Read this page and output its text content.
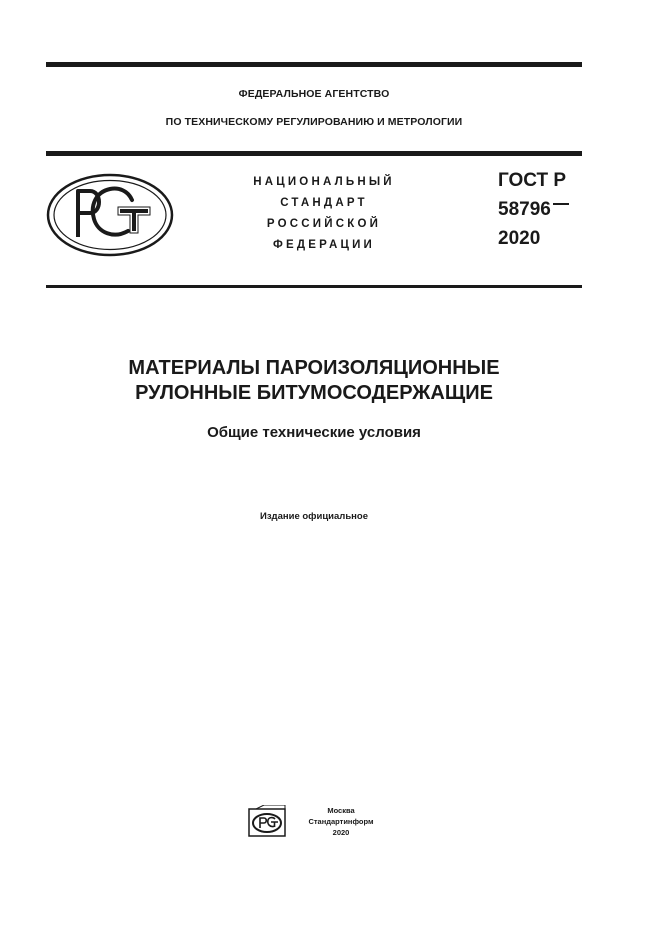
ФЕДЕРАЛЬНОЕ АГЕНТСТВО
ПО ТЕХНИЧЕСКОМУ РЕГУЛИРОВАНИЮ И МЕТРОЛОГИИ
НАЦИОНАЛЬНЫЙ
СТАНДАРТ
РОССИЙСКОЙ
ФЕДЕРАЦИИ
ГОСТ Р
58796
2020
МАТЕРИАЛЫ ПАРОИЗОЛЯЦИОННЫЕ
РУЛОННЫЕ БИТУМОСОДЕРЖАЩИЕ
Общие технические условия
Издание официальное
Москва
Стандартинформ
2020
